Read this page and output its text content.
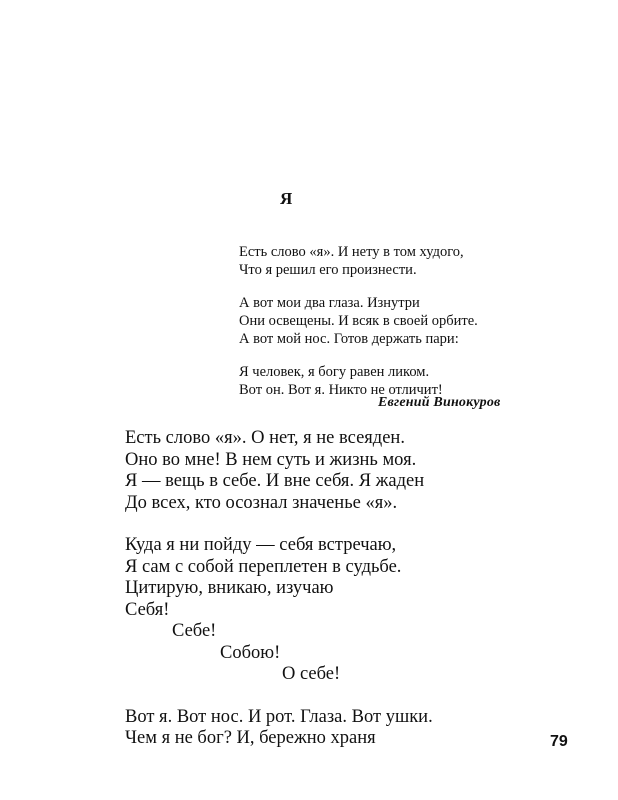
Я
Есть слово «я». И нету в том худого,
Что я решил его произнести.
А вот мои два глаза. Изнутри
Они освещены. И всяк в своей орбите.
А вот мой нос. Готов держать пари:
Я человек, я богу равен ликом.
Вот он. Вот я. Никто не отличит!
Евгений Винокуров
Есть слово «я». О нет, я не всеяден.
Оно во мне! В нем суть и жизнь моя.
Я — вещь в себе. И вне себя. Я жаден
До всех, кто осознал значенье «я».
Куда я ни пойду — себя встречаю,
Я сам с собой переплетен в судьбе.
Цитирую, вникаю, изучаю
Себя!
Себе!
Собою!
О себе!
Вот я. Вот нос. И рот. Глаза. Вот ушки.
Чем я не бог? И, бережно храня	79
